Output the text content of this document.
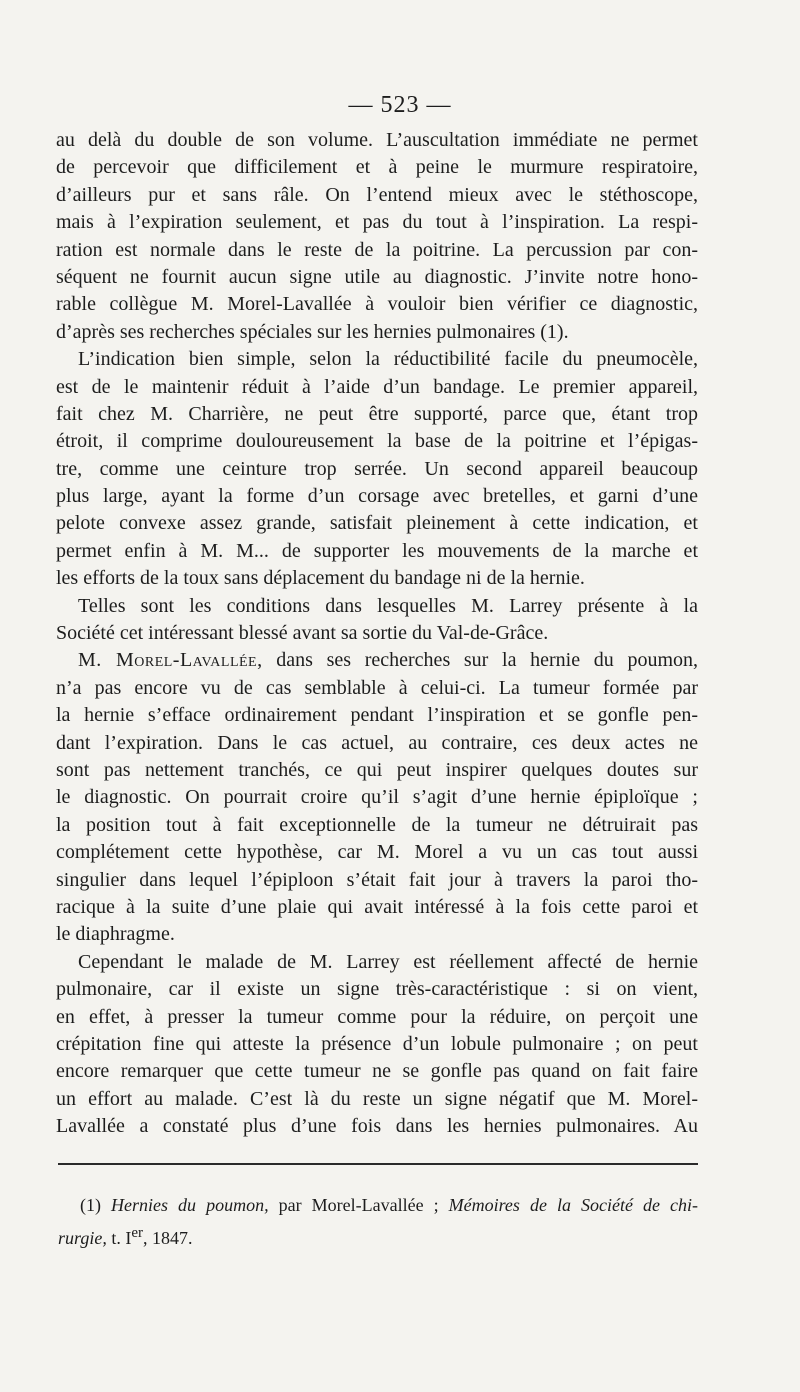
— 523 —
au delà du double de son volume. L’auscultation immédiate ne permet
de percevoir que difficilement et à peine le murmure respiratoire,
d’ailleurs pur et sans râle. On l’entend mieux avec le stéthoscope,
mais à l’expiration seulement, et pas du tout à l’inspiration. La respi-
ration est normale dans le reste de la poitrine. La percussion par con-
séquent ne fournit aucun signe utile au diagnostic. J’invite notre hono-
rable collègue M. Morel-Lavallée à vouloir bien vérifier ce diagnostic,
d’après ses recherches spéciales sur les hernies pulmonaires (1).
L’indication bien simple, selon la réductibilité facile du pneumocèle,
est de le maintenir réduit à l’aide d’un bandage. Le premier appareil,
fait chez M. Charrière, ne peut être supporté, parce que, étant trop
étroit, il comprime douloureusement la base de la poitrine et l’épigas-
tre, comme une ceinture trop serrée. Un second appareil beaucoup
plus large, ayant la forme d’un corsage avec bretelles, et garni d’une
pelote convexe assez grande, satisfait pleinement à cette indication, et
permet enfin à M. M... de supporter les mouvements de la marche et
les efforts de la toux sans déplacement du bandage ni de la hernie.
Telles sont les conditions dans lesquelles M. Larrey présente à la
Société cet intéressant blessé avant sa sortie du Val-de-Grâce.
M. Morel-Lavallée, dans ses recherches sur la hernie du poumon,
n’a pas encore vu de cas semblable à celui-ci. La tumeur formée par
la hernie s’efface ordinairement pendant l’inspiration et se gonfle pen-
dant l’expiration. Dans le cas actuel, au contraire, ces deux actes ne
sont pas nettement tranchés, ce qui peut inspirer quelques doutes sur
le diagnostic. On pourrait croire qu’il s’agit d’une hernie épiploïque ;
la position tout à fait exceptionnelle de la tumeur ne détruirait pas
complétement cette hypothèse, car M. Morel a vu un cas tout aussi
singulier dans lequel l’épiploon s’était fait jour à travers la paroi tho-
racique à la suite d’une plaie qui avait intéressé à la fois cette paroi et
le diaphragme.
Cependant le malade de M. Larrey est réellement affecté de hernie
pulmonaire, car il existe un signe très-caractéristique : si on vient,
en effet, à presser la tumeur comme pour la réduire, on perçoit une
crépitation fine qui atteste la présence d’un lobule pulmonaire ; on peut
encore remarquer que cette tumeur ne se gonfle pas quand on fait faire
un effort au malade. C’est là du reste un signe négatif que M. Morel-
Lavallée a constaté plus d’une fois dans les hernies pulmonaires. Au
(1) Hernies du poumon, par Morel-Lavallée ; Mémoires de la Société de chi-
rurgie, t. Ier, 1847.
